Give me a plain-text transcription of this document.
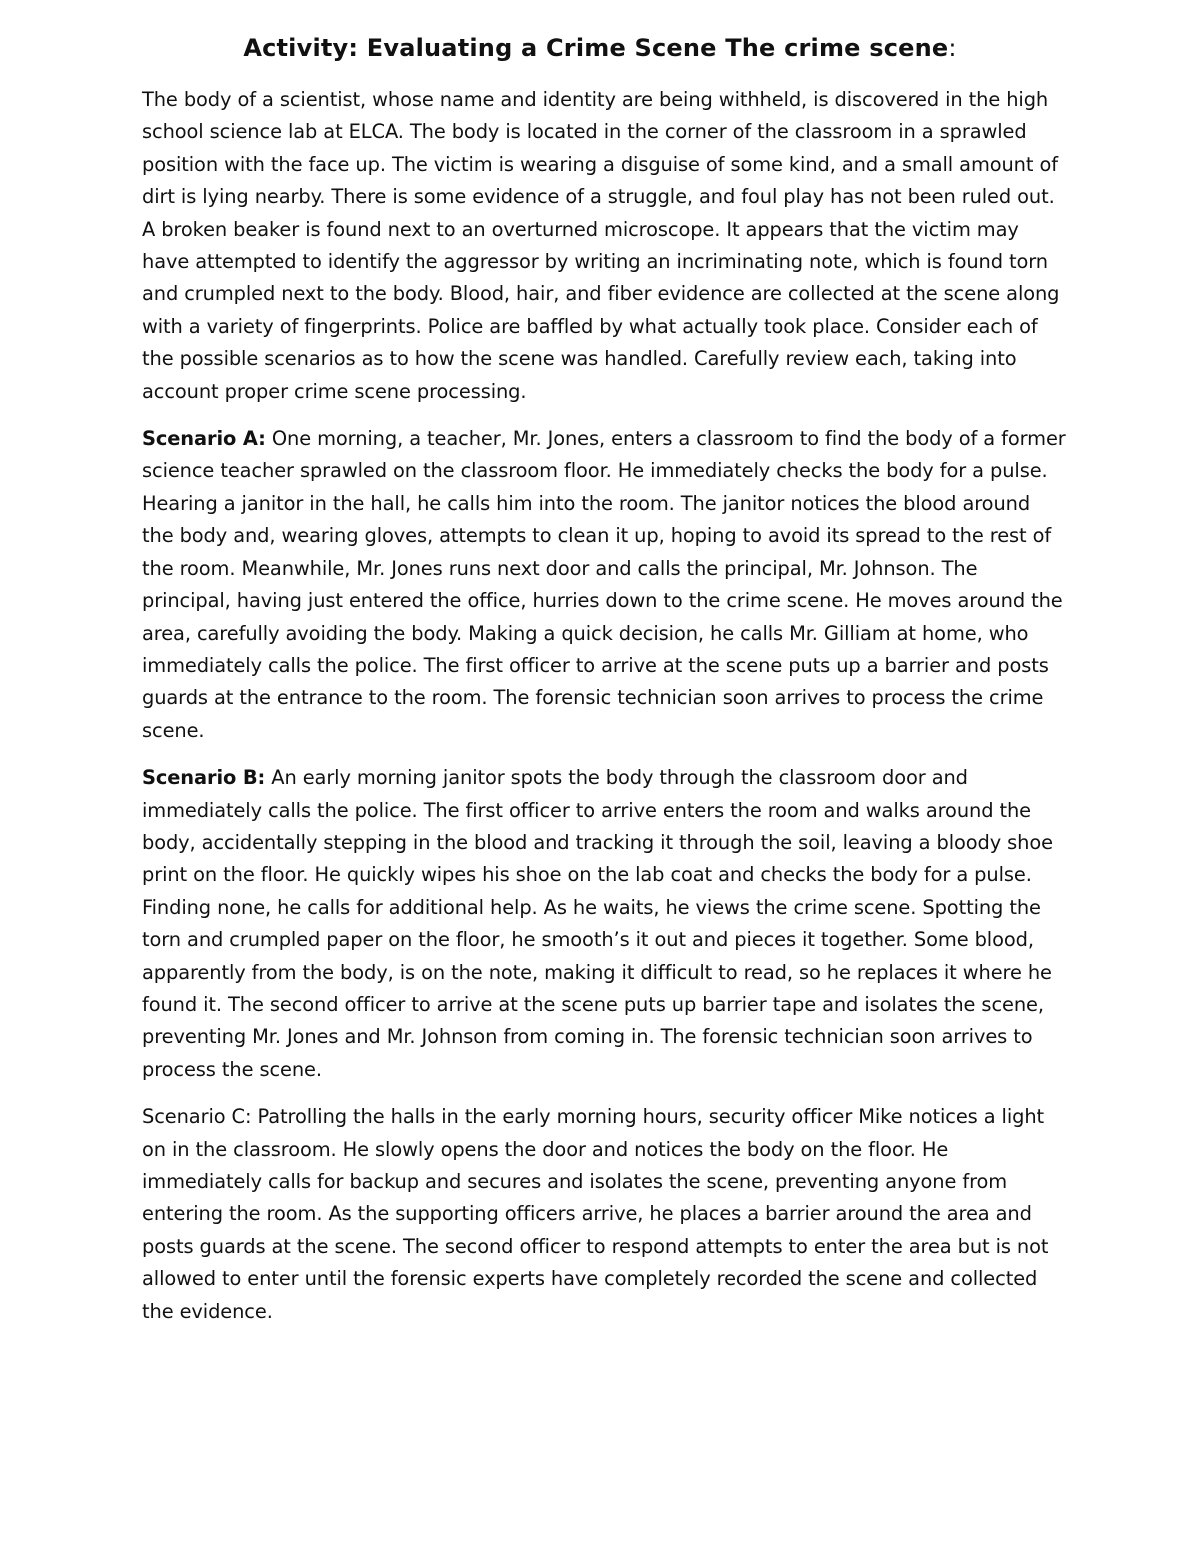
Activity: Evaluating a Crime Scene The crime scene:

The body of a scientist, whose name and identity are being withheld, is discovered in the high school science lab at ELCA. The body is located in the corner of the classroom in a sprawled position with the face up. The victim is wearing a disguise of some kind, and a small amount of dirt is lying nearby. There is some evidence of a struggle, and foul play has not been ruled out. A broken beaker is found next to an overturned microscope. It appears that the victim may have attempted to identify the aggressor by writing an incriminating note, which is found torn and crumpled next to the body. Blood, hair, and fiber evidence are collected at the scene along with a variety of fingerprints. Police are baffled by what actually took place. Consider each of the possible scenarios as to how the scene was handled. Carefully review each, taking into account proper crime scene processing.

Scenario A: One morning, a teacher, Mr. Jones, enters a classroom to find the body of a former science teacher sprawled on the classroom floor. He immediately checks the body for a pulse. Hearing a janitor in the hall, he calls him into the room. The janitor notices the blood around the body and, wearing gloves, attempts to clean it up, hoping to avoid its spread to the rest of the room. Meanwhile, Mr. Jones runs next door and calls the principal, Mr. Johnson. The principal, having just entered the office, hurries down to the crime scene. He moves around the area, carefully avoiding the body. Making a quick decision, he calls Mr. Gilliam at home, who immediately calls the police. The first officer to arrive at the scene puts up a barrier and posts guards at the entrance to the room. The forensic technician soon arrives to process the crime scene.

Scenario B: An early morning janitor spots the body through the classroom door and immediately calls the police. The first officer to arrive enters the room and walks around the body, accidentally stepping in the blood and tracking it through the soil, leaving a bloody shoe print on the floor. He quickly wipes his shoe on the lab coat and checks the body for a pulse. Finding none, he calls for additional help. As he waits, he views the crime scene. Spotting the torn and crumpled paper on the floor, he smooth’s it out and pieces it together. Some blood, apparently from the body, is on the note, making it difficult to read, so he replaces it where he found it. The second officer to arrive at the scene puts up barrier tape and isolates the scene, preventing Mr. Jones and Mr. Johnson from coming in. The forensic technician soon arrives to process the scene.

Scenario C: Patrolling the halls in the early morning hours, security officer Mike notices a light on in the classroom. He slowly opens the door and notices the body on the floor. He immediately calls for backup and secures and isolates the scene, preventing anyone from entering the room. As the supporting officers arrive, he places a barrier around the area and posts guards at the scene. The second officer to respond attempts to enter the area but is not allowed to enter until the forensic experts have completely recorded the scene and collected the evidence.
